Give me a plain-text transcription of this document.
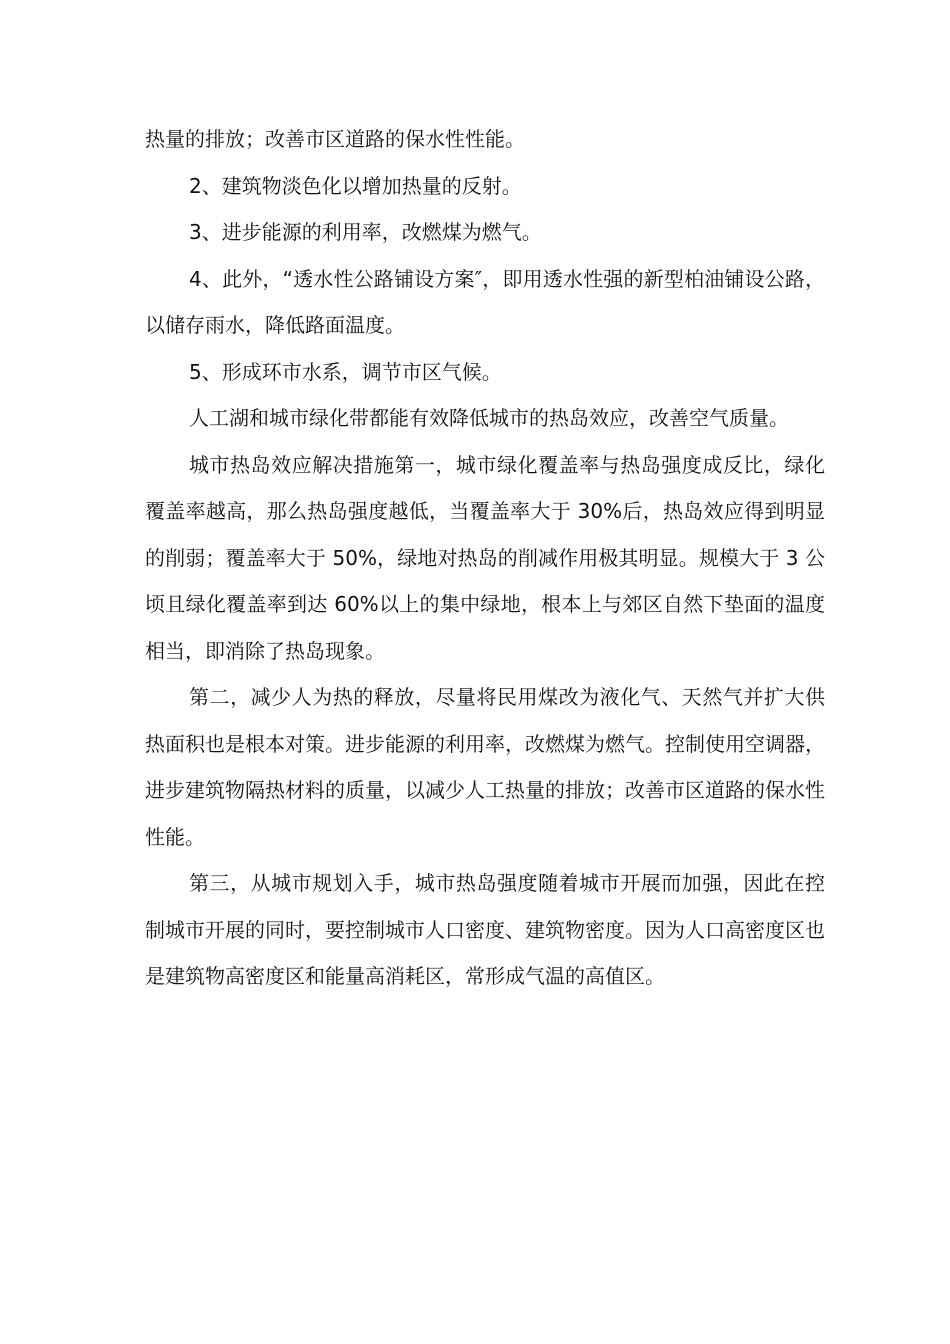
热量的排放；改善市区道路的保水性性能。

2、建筑物淡色化以增加热量的反射。

3、进步能源的利用率，改燃煤为燃气。

4、此外，“透水性公路铺设方案″，即用透水性强的新型柏油铺设公路，以储存雨水，降低路面温度。

5、形成环市水系，调节市区气候。

人工湖和城市绿化带都能有效降低城市的热岛效应，改善空气质量。

城市热岛效应解决措施第一，城市绿化覆盖率与热岛强度成反比，绿化覆盖率越高，那么热岛强度越低，当覆盖率大于 30%后，热岛效应得到明显的削弱；覆盖率大于 50%，绿地对热岛的削减作用极其明显。规模大于 3 公顷且绿化覆盖率到达 60%以上的集中绿地，根本上与郊区自然下垫面的温度相当，即消除了热岛现象。

第二，减少人为热的释放，尽量将民用煤改为液化气、天然气并扩大供热面积也是根本对策。进步能源的利用率，改燃煤为燃气。控制使用空调器，进步建筑物隔热材料的质量，以减少人工热量的排放；改善市区道路的保水性性能。

第三，从城市规划入手，城市热岛强度随着城市开展而加强，因此在控制城市开展的同时，要控制城市人口密度、建筑物密度。因为人口高密度区也是建筑物高密度区和能量高消耗区，常形成气温的高值区。
